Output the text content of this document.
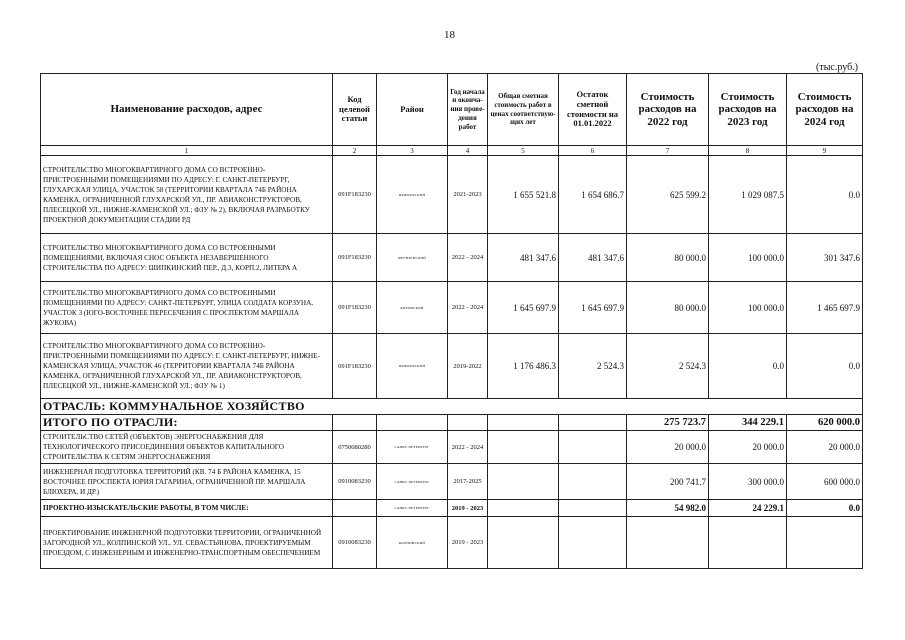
18
(тыс.руб.)
Наименование расходов, адрес	Код целевой статьи	Район	Год начала и оконча-ния прове-дения работ	Общая сметная стоимость работ в ценах соответствую-щих лет	Остаток сметной стоимости на 01.01.2022	Стоимость расходов на 2022 год	Стоимость расходов на 2023 год	Стоимость расходов на 2024 год
1	2	3	4	5	6	7	8	9
СТРОИТЕЛЬСТВО МНОГОКВАРТИРНОГО ДОМА СО ВСТРОЕННО-ПРИСТРОЕННЫМИ ПОМЕЩЕНИЯМИ ПО АДРЕСУ: Г. САНКТ-ПЕТЕРБУРГ, ГЛУХАРСКАЯ УЛИЦА, УЧАСТОК 58 (ТЕРРИТОРИИ КВАРТАЛА 74Б РАЙОНА КАМЕНКА, ОГРАНИЧЕННОЙ ГЛУХАРСКОЙ УЛ., ПР. АВИАКОНСТРУКТОРОВ, ПЛЕСЕЦКОЙ УЛ., НИЖНЕ-КАМЕНСКОЙ УЛ.; ФЗУ № 2), ВКЛЮЧАЯ РАЗРАБОТКУ ПРОЕКТНОЙ ДОКУМЕНТАЦИИ СТАДИИ РД	091F183230	ПРИМОРСКИЙ	2021-2023	1 655 521.8	1 654 686.7	625 599.2	1 029 087.5	0.0
СТРОИТЕЛЬСТВО МНОГОКВАРТИРНОГО ДОМА СО ВСТРОЕННЫМИ ПОМЕЩЕНИЯМИ, ВКЛЮЧАЯ СНОС ОБЪЕКТА НЕЗАВЕРШЕННОГО СТРОИТЕЛЬСТВА ПО АДРЕСУ: ШИПКИНСКИЙ ПЕР., Д.3, КОРП.2, ЛИТЕРА А	091F183230	ФРУНЗЕНСКИЙ	2022 - 2024	481 347.6	481 347.6	80 000.0	100 000.0	301 347.6
СТРОИТЕЛЬСТВО МНОГОКВАРТИРНОГО ДОМА СО ВСТРОЕННЫМИ ПОМЕЩЕНИЯМИ ПО АДРЕСУ: САНКТ-ПЕТЕРБУРГ, УЛИЦА СОЛДАТА КОРЗУНА, УЧАСТОК 3 (ЮГО-ВОСТОЧНЕЕ ПЕРЕСЕЧЕНИЯ С ПРОСПЕКТОМ МАРШАЛА ЖУКОВА)	091F183230	КИРОВСКИЙ	2022 - 2024	1 645 697.9	1 645 697.9	80 000.0	100 000.0	1 465 697.9
СТРОИТЕЛЬСТВО МНОГОКВАРТИРНОГО ДОМА СО ВСТРОЕННО-ПРИСТРОЕННЫМИ ПОМЕЩЕНИЯМИ ПО АДРЕСУ: Г. САНКТ-ПЕТЕРБУРГ, НИЖНЕ-КАМЕНСКАЯ УЛИЦА, УЧАСТОК 46 (ТЕРРИТОРИИ КВАРТАЛА 74Б РАЙОНА КАМЕНКА, ОГРАНИЧЕННОЙ ГЛУХАРСКОЙ УЛ., ПР. АВИАКОНСТРУКТОРОВ, ПЛЕСЕЦКОЙ УЛ., НИЖНЕ-КАМЕНСКОЙ УЛ.; ФЗУ № 1)	091F183230	ПРИМОРСКИЙ	2019-2022	1 176 486.3	2 524.3	2 524.3	0.0	0.0
ОТРАСЛЬ: КОММУНАЛЬНОЕ ХОЗЯЙСТВО								
ИТОГО ПО ОТРАСЛИ:						275 723.7	344 229.1	620 000.0
СТРОИТЕЛЬСТВО СЕТЕЙ (ОБЪЕКТОВ) ЭНЕРГОСНАБЖЕНИЯ ДЛЯ ТЕХНОЛОГИЧЕСКОГО ПРИСОЕДИНЕНИЯ ОБЪЕКТОВ КАПИТАЛЬНОГО СТРОИТЕЛЬСТВА К СЕТЯМ ЭНЕРГОСНАБЖЕНИЯ	0750080280	САНКТ-ПЕТЕРБУРГ	2022 - 2024			20 000.0	20 000.0	20 000.0
ИНЖЕНЕРНАЯ ПОДГОТОВКА ТЕРРИТОРИЙ (КВ. 74 Б РАЙОНА КАМЕНКА, 15 ВОСТОЧНЕЕ ПРОСПЕКТА ЮРИЯ ГАГАРИНА, ОГРАНИЧЕННОЙ ПР. МАРШАЛА БЛЮХЕРА, И ДР.)	0910083230	САНКТ-ПЕТЕРБУРГ	2017-2025			200 741.7	300 000.0	600 000.0
ПРОЕКТНО-ИЗЫСКАТЕЛЬСКИЕ РАБОТЫ, В ТОМ ЧИСЛЕ:		САНКТ-ПЕТЕРБУРГ	2019 - 2023			54 982.0	24 229.1	0.0
ПРОЕКТИРОВАНИЕ ИНЖЕНЕРНОЙ ПОДГОТОВКИ ТЕРРИТОРИИ, ОГРАНИЧЕННОЙ ЗАГОРОДНОЙ УЛ., КОЛПИНСКОЙ УЛ., УЛ. СЕВАСТЬЯНОВА, ПРОЕКТИРУЕМЫМ ПРОЕЗДОМ, С ИНЖЕНЕРНЫМ И ИНЖЕНЕРНО-ТРАНСПОРТНЫМ ОБЕСПЕЧЕНИЕМ	0910083230	КОЛПИНСКИЙ	2019 - 2023					
